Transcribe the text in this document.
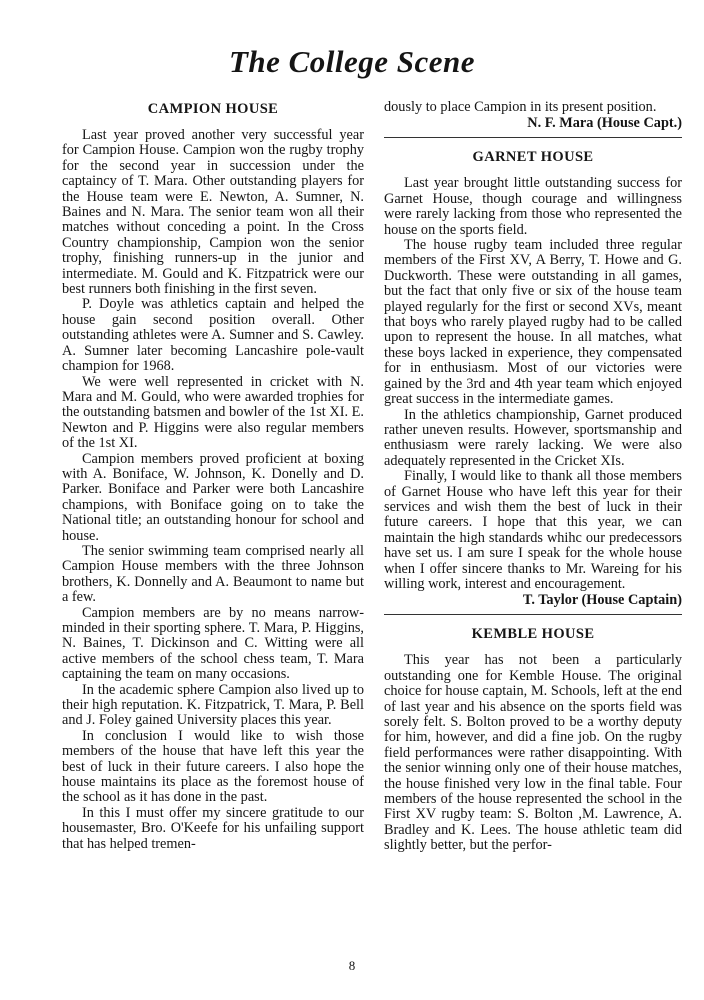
The College Scene
CAMPION HOUSE

Last year proved another very successful year for Campion House. Campion won the rugby trophy for the second year in succession under the captaincy of T. Mara. Other outstanding players for the House team were E. Newton, A. Sumner, N. Baines and N. Mara. The senior team won all their matches without conceding a point. In the Cross Country championship, Campion won the senior trophy, finishing runners-up in the junior and intermediate. M. Gould and K. Fitzpatrick were our best runners both finishing in the first seven.

P. Doyle was athletics captain and helped the house gain second position overall. Other outstanding athletes were A. Sumner and S. Cawley. A. Sumner later becoming Lancashire pole-vault champion for 1968.

We were well represented in cricket with N. Mara and M. Gould, who were awarded trophies for the outstanding batsmen and bowler of the 1st XI. E. Newton and P. Higgins were also regular members of the 1st XI.

Campion members proved proficient at boxing with A. Boniface, W. Johnson, K. Donelly and D. Parker. Boniface and Parker were both Lancashire champions, with Boniface going on to take the National title; an outstanding honour for school and house.

The senior swimming team comprised nearly all Campion House members with the three Johnson brothers, K. Donnelly and A. Beaumont to name but a few.

Campion members are by no means narrow-minded in their sporting sphere. T. Mara, P. Higgins, N. Baines, T. Dickinson and C. Witting were all active members of the school chess team, T. Mara captaining the team on many occasions.

In the academic sphere Campion also lived up to their high reputation. K. Fitzpatrick, T. Mara, P. Bell and J. Foley gained University places this year.

In conclusion I would like to wish those members of the house that have left this year the best of luck in their future careers. I also hope the house maintains its place as the foremost house of the school as it has done in the past.

In this I must offer my sincere gratitude to our housemaster, Bro. O'Keefe for his unfailing support that has helped tremen-

dously to place Campion in its present position.

N. F. Mara (House Capt.)

GARNET HOUSE

Last year brought little outstanding success for Garnet House, though courage and willingness were rarely lacking from those who represented the house on the sports field.

The house rugby team included three regular members of the First XV, A Berry, T. Howe and G. Duckworth. These were outstanding in all games, but the fact that only five or six of the house team played regularly for the first or second XVs, meant that boys who rarely played rugby had to be called upon to represent the house. In all matches, what these boys lacked in experience, they compensated for in enthusiasm. Most of our victories were gained by the 3rd and 4th year team which enjoyed great success in the intermediate games.

In the athletics championship, Garnet produced rather uneven results. However, sportsmanship and enthusiasm were rarely lacking. We were also adequately represented in the Cricket XIs.

Finally, I would like to thank all those members of Garnet House who have left this year for their services and wish them the best of luck in their future careers. I hope that this year, we can maintain the high standards whihc our predecessors have set us. I am sure I speak for the whole house when I offer sincere thanks to Mr. Wareing for his willing work, interest and encouragement.

T. Taylor (House Captain)

KEMBLE HOUSE

This year has not been a particularly outstanding one for Kemble House. The original choice for house captain, M. Schools, left at the end of last year and his absence on the sports field was sorely felt. S. Bolton proved to be a worthy deputy for him, however, and did a fine job. On the rugby field performances were rather disappointing. With the senior winning only one of their house matches, the house finished very low in the final table. Four members of the house represented the school in the First XV rugby team: S. Bolton ,M. Lawrence, A. Bradley and K. Lees. The house athletic team did slightly better, but the perfor-

8
